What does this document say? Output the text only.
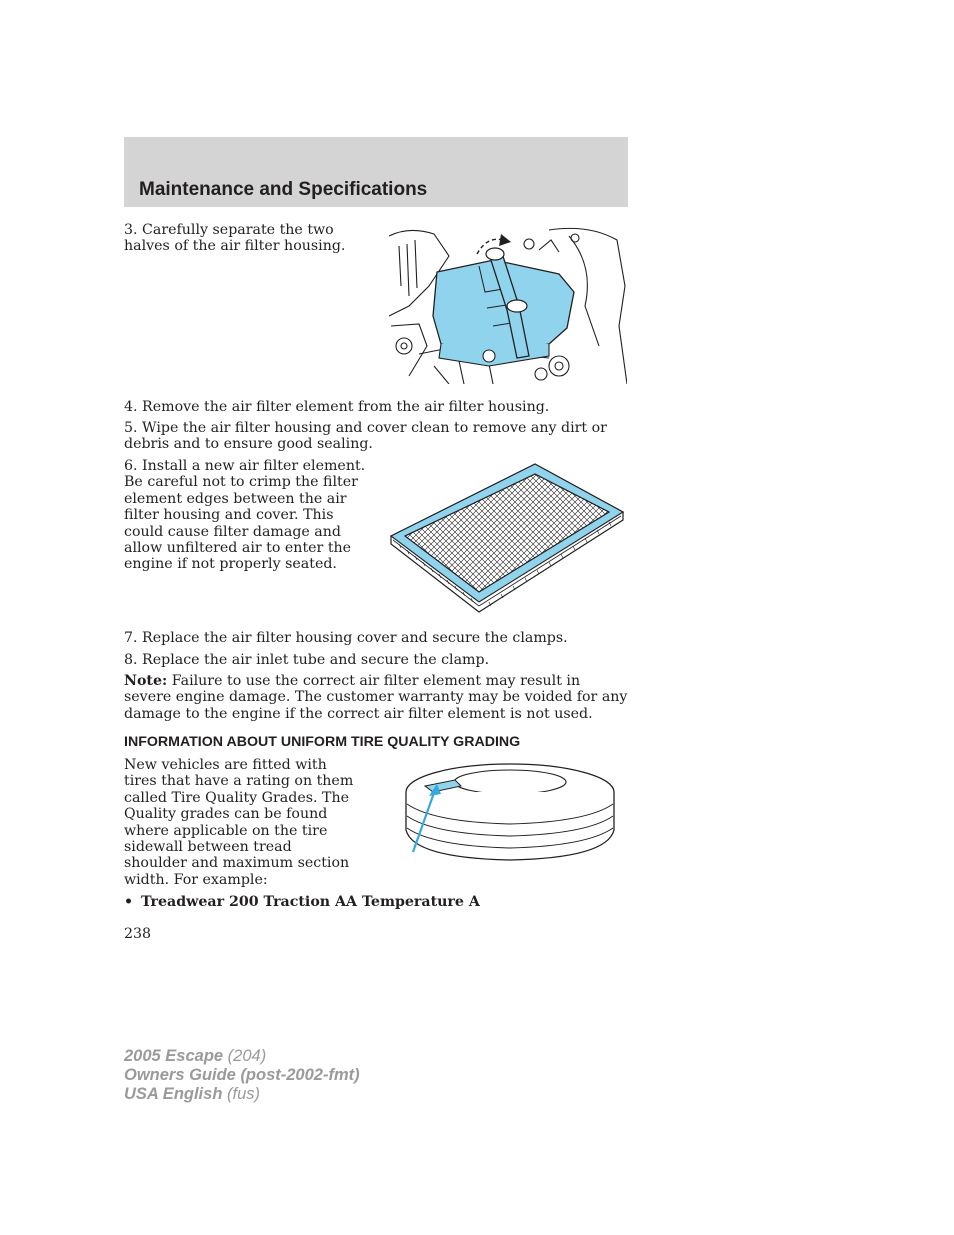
Maintenance and Specifications

3. Carefully separate the two halves of the air filter housing.

4. Remove the air filter element from the air filter housing.

5. Wipe the air filter housing and cover clean to remove any dirt or debris and to ensure good sealing.

6. Install a new air filter element. Be careful not to crimp the filter element edges between the air filter housing and cover. This could cause filter damage and allow unfiltered air to enter the engine if not properly seated.

7. Replace the air filter housing cover and secure the clamps.

8. Replace the air inlet tube and secure the clamp.

Note: Failure to use the correct air filter element may result in severe engine damage. The customer warranty may be voided for any damage to the engine if the correct air filter element is not used.

INFORMATION ABOUT UNIFORM TIRE QUALITY GRADING

New vehicles are fitted with tires that have a rating on them called Tire Quality Grades. The Quality grades can be found where applicable on the tire sidewall between tread shoulder and maximum section width. For example:

• Treadwear 200 Traction AA Temperature A
238
2005 Escape (204)
Owners Guide (post-2002-fmt)
USA English (fus)
